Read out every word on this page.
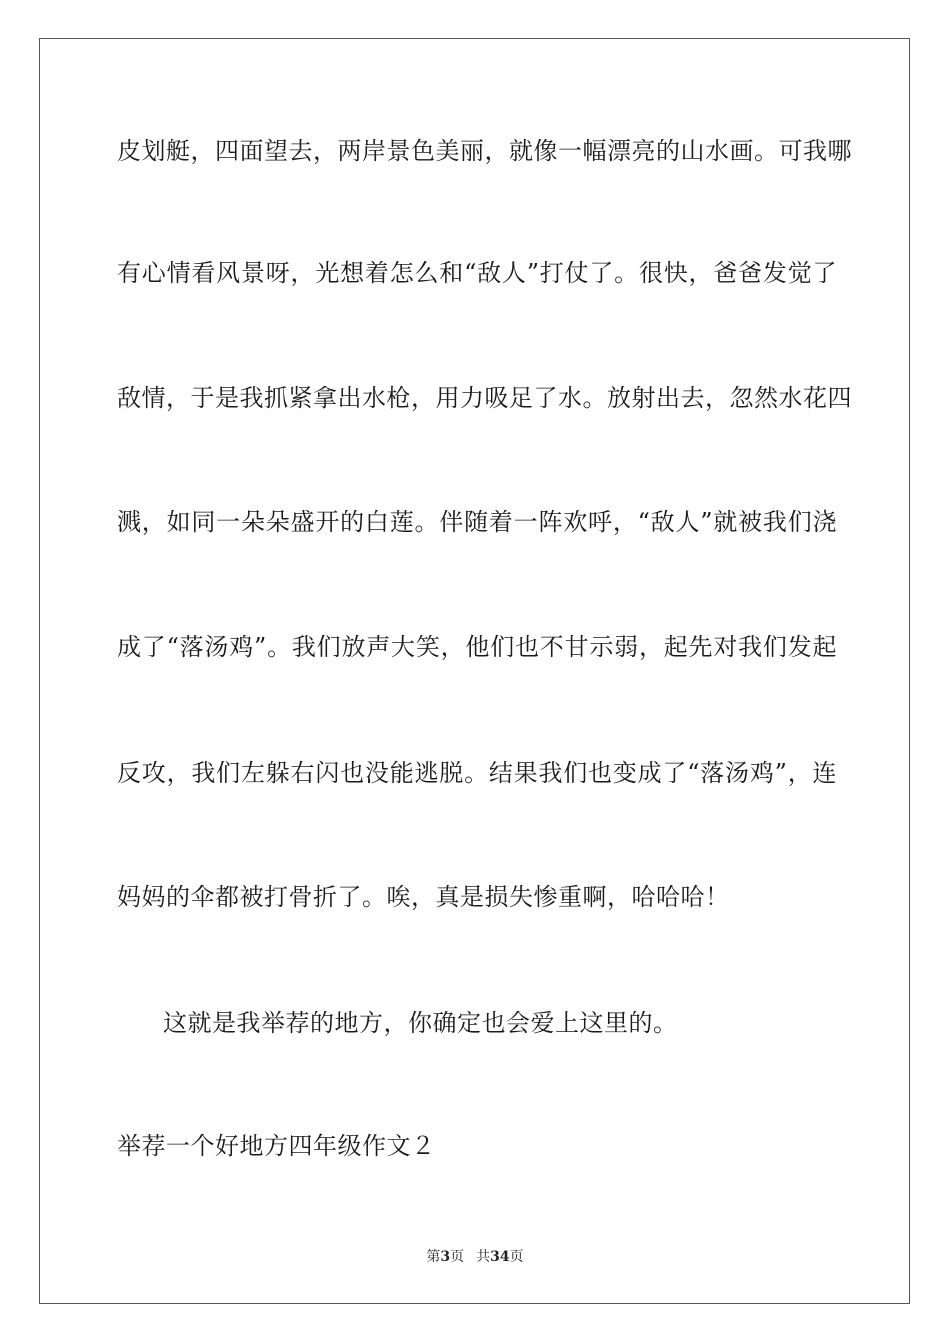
皮划艇，四面望去，两岸景色美丽，就像一幅漂亮的山水画。可我哪
有心情看风景呀，光想着怎么和“敌人”打仗了。很快，爸爸发觉了
敌情，于是我抓紧拿出水枪，用力吸足了水。放射出去，忽然水花四
溅，如同一朵朵盛开的白莲。伴随着一阵欢呼，“敌人”就被我们浇
成了“落汤鸡”。我们放声大笑，他们也不甘示弱，起先对我们发起
反攻，我们左躲右闪也没能逃脱。结果我们也变成了“落汤鸡”，连
妈妈的伞都被打骨折了。唉，真是损失惨重啊，哈哈哈！
这就是我举荐的地方，你确定也会爱上这里的。
举荐一个好地方四年级作文２
第3页 共34页
